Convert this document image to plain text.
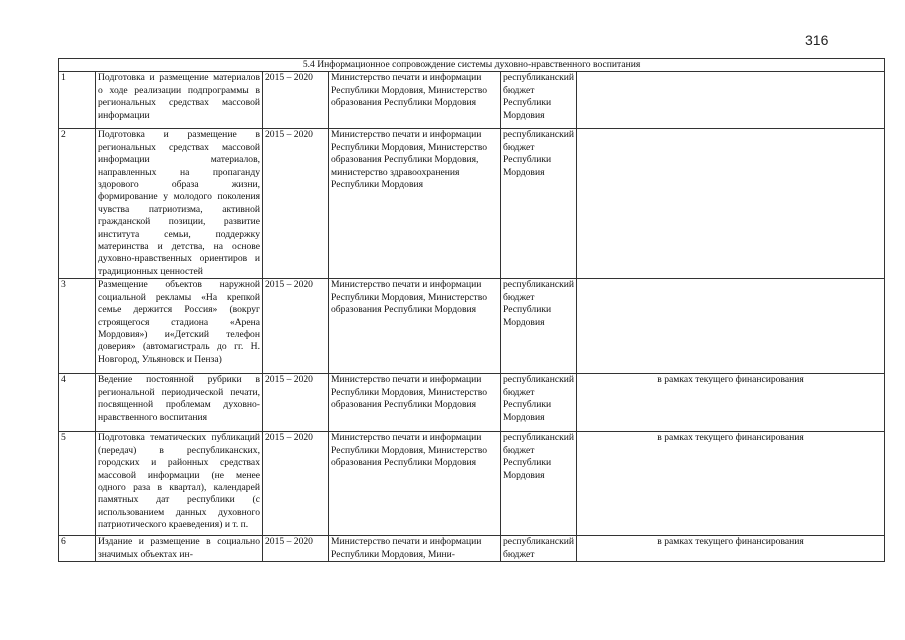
316
5.4 Информационное сопровождение системы духовно-нравственного воспитания					
1	Подготовка и размещение материалов о ходе реализации подпрограммы в региональных средствах массовой информации	2015 – 2020	Министерство печати и информации Республики Мордовия, Министерство образования Республики Мордовия	республиканский бюджет Республики Мордовия	
2	Подготовка и размещение в региональных средствах массовой информации материалов, направленных на пропаганду здорового образа жизни, формирование у молодого поколения чувства патриотизма, активной гражданской позиции, развитие института семьи, поддержку материнства и детства, на основе духовно-нравственных ориентиров и традиционных ценностей	2015 – 2020	Министерство печати и информации Республики Мордовия, Министерство образования Республики Мордовия, министерство здравоохранения Республики Мордовия	республиканский бюджет Республики Мордовия	
3	Размещение объектов наружной социальной рекламы «На крепкой семье держится Россия» (вокруг строящегося стадиона «Арена Мордовия») и«Детский телефон доверия» (автомагистраль до гг. Н. Новгород, Ульяновск и Пенза)	2015 – 2020	Министерство печати и информации Республики Мордовия, Министерство образования Республики Мордовия	республиканский бюджет Республики Мордовия	
4	Ведение постоянной рубрики в региональной периодической печати, посвященной проблемам духовно-нравственного воспитания	2015 – 2020	Министерство печати и информации Республики Мордовия, Министерство образования Республики Мордовия	республиканский бюджет Республики Мордовия	в рамках текущего финансирования
5	Подготовка тематических публикаций (передач) в республиканских, городских и районных средствах массовой информации (не менее одного раза в квартал), календарей памятных дат республики (с использованием данных духовного патриотического краеведения) и т. п.	2015 – 2020	Министерство печати и информации Республики Мордовия, Министерство образования Республики Мордовия	республиканский бюджет Республики Мордовия	в рамках текущего финансирования
6	Издание и размещение в социально значимых объектах ин-	2015 – 2020	Министерство печати и информации Республики Мордовия, Мини-	республиканский бюджет	в рамках текущего финансирования
